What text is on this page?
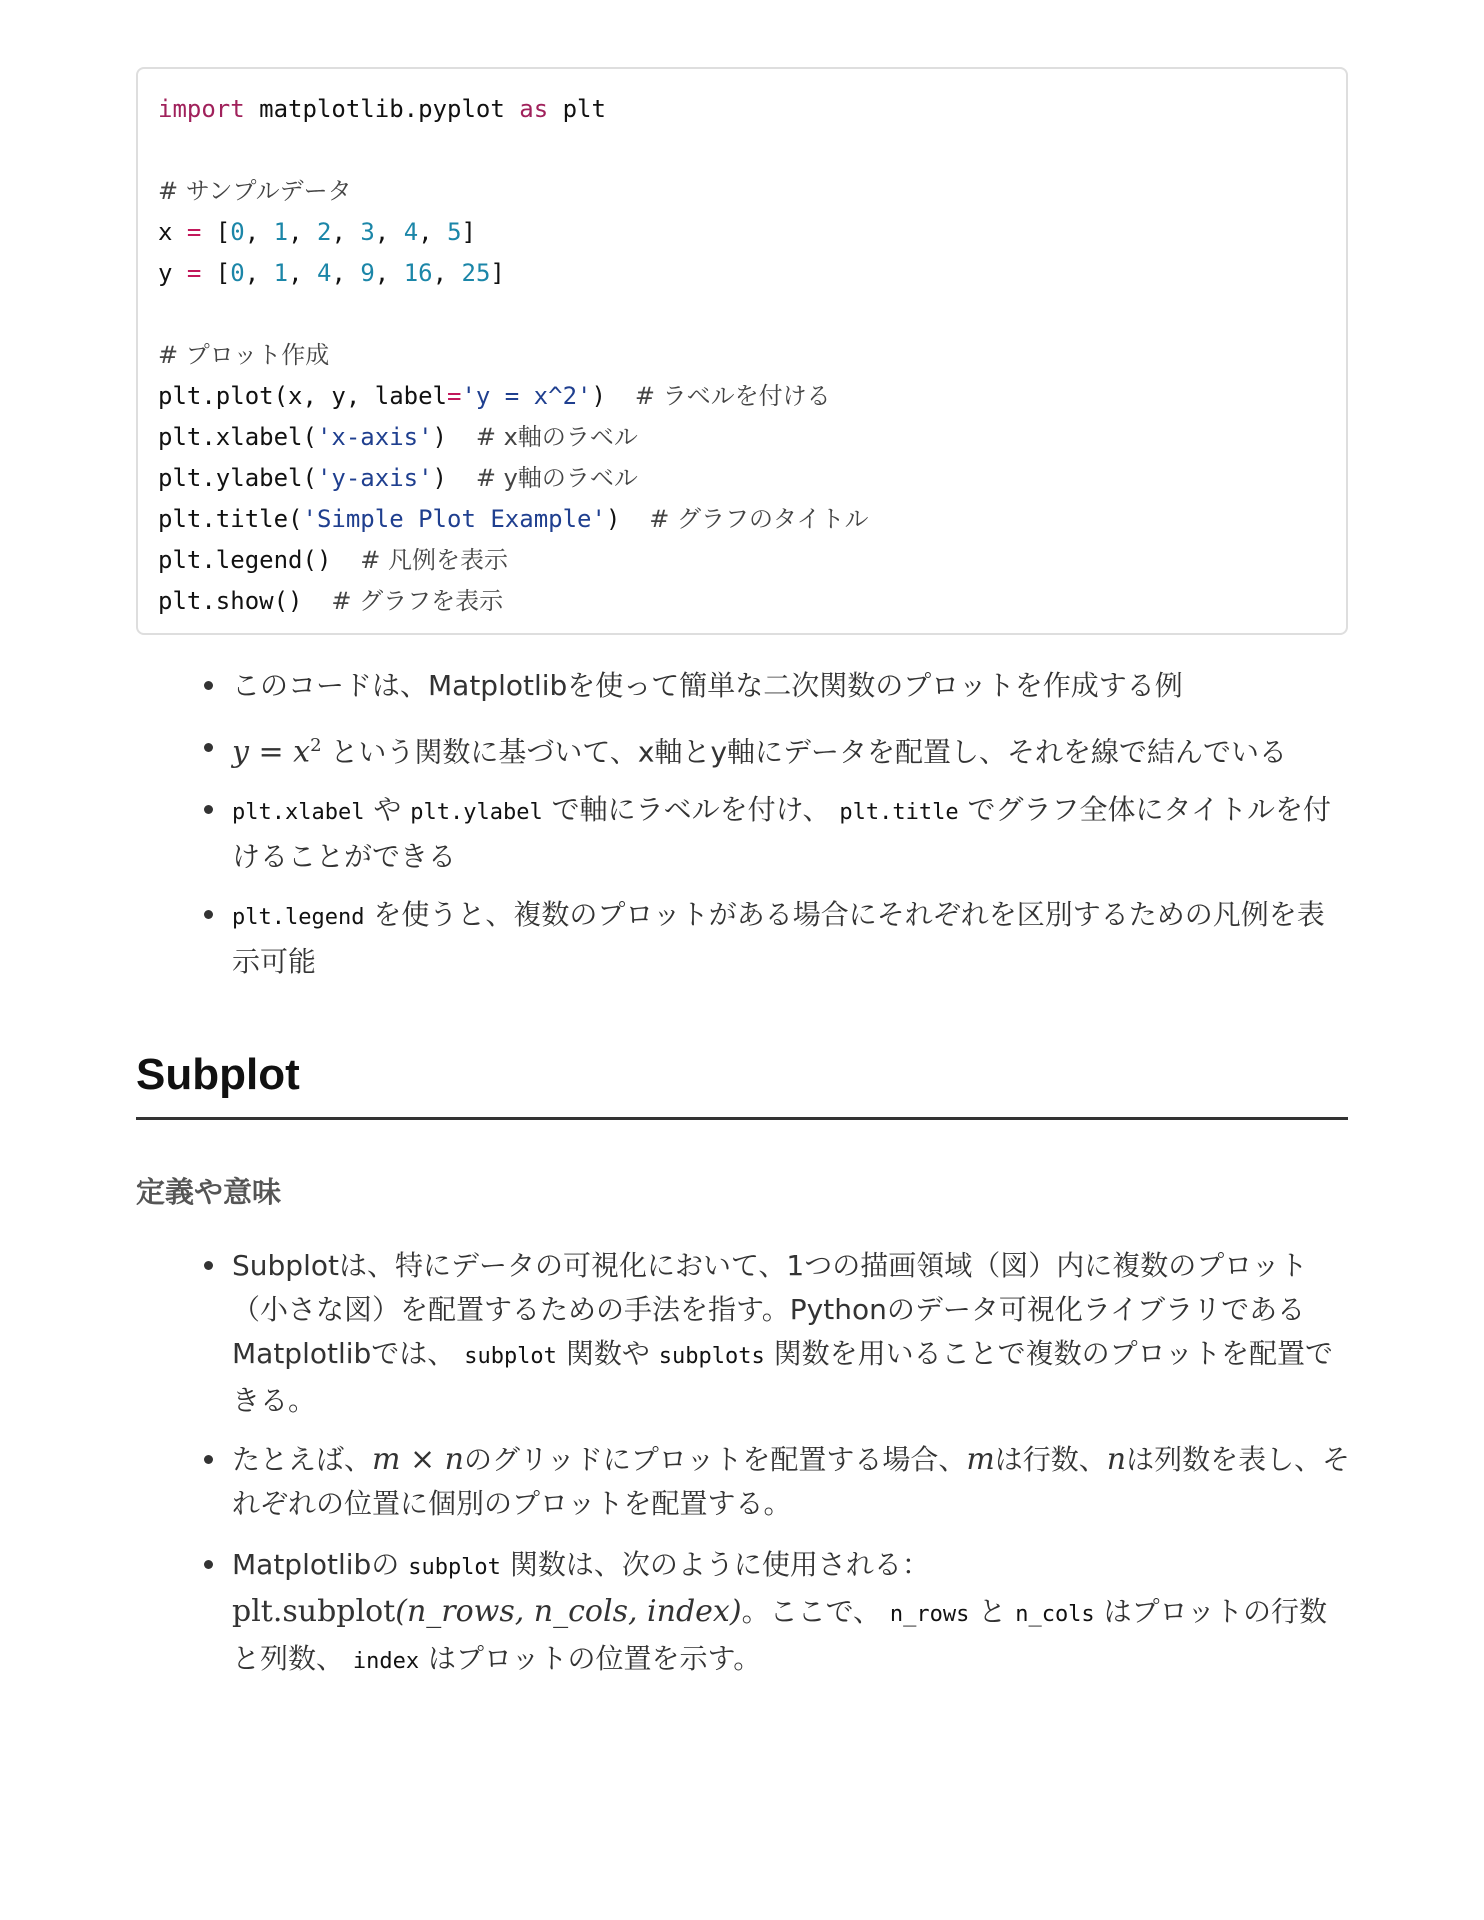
import matplotlib.pyplot as plt
# サンプルデータ
x = [0, 1, 2, 3, 4, 5]
y = [0, 1, 4, 9, 16, 25]
# プロット作成
plt.plot(x, y, label='y = x^2')  # ラベルを付ける
plt.xlabel('x-axis')  # x軸のラベル
plt.ylabel('y-axis')  # y軸のラベル
plt.title('Simple Plot Example')  # グラフのタイトル
plt.legend()  # 凡例を表示
plt.show()  # グラフを表示
このコードは、Matplotlibを使って簡単な二次関数のプロットを作成する例
$y = x^2$ という関数に基づいて、x軸とy軸にデータを配置し、それを線で結んでいる
plt.xlabel や plt.ylabel で軸にラベルを付け、 plt.title でグラフ全体にタイトルを付けることができる
plt.legend を使うと、複数のプロットがある場合にそれぞれを区別するための凡例を表示可能
Subplot
定義や意味
Subplotは、特にデータの可視化において、1つの描画領域（図）内に複数のプロット（小さな図）を配置するための手法を指す。Pythonのデータ可視化ライブラリであるMatplotlibでは、 subplot 関数や subplots 関数を用いることで複数のプロットを配置できる。
たとえば、m × nのグリッドにプロットを配置する場合、mは行数、nは列数を表し、それぞれの位置に個別のプロットを配置する。
Matplotlibの subplot 関数は、次のように使用される：
plt.subplot(n_rows, n_cols, index)。ここで、 n_rows と n_cols はプロットの行数と列数、 index はプロットの位置を示す。
